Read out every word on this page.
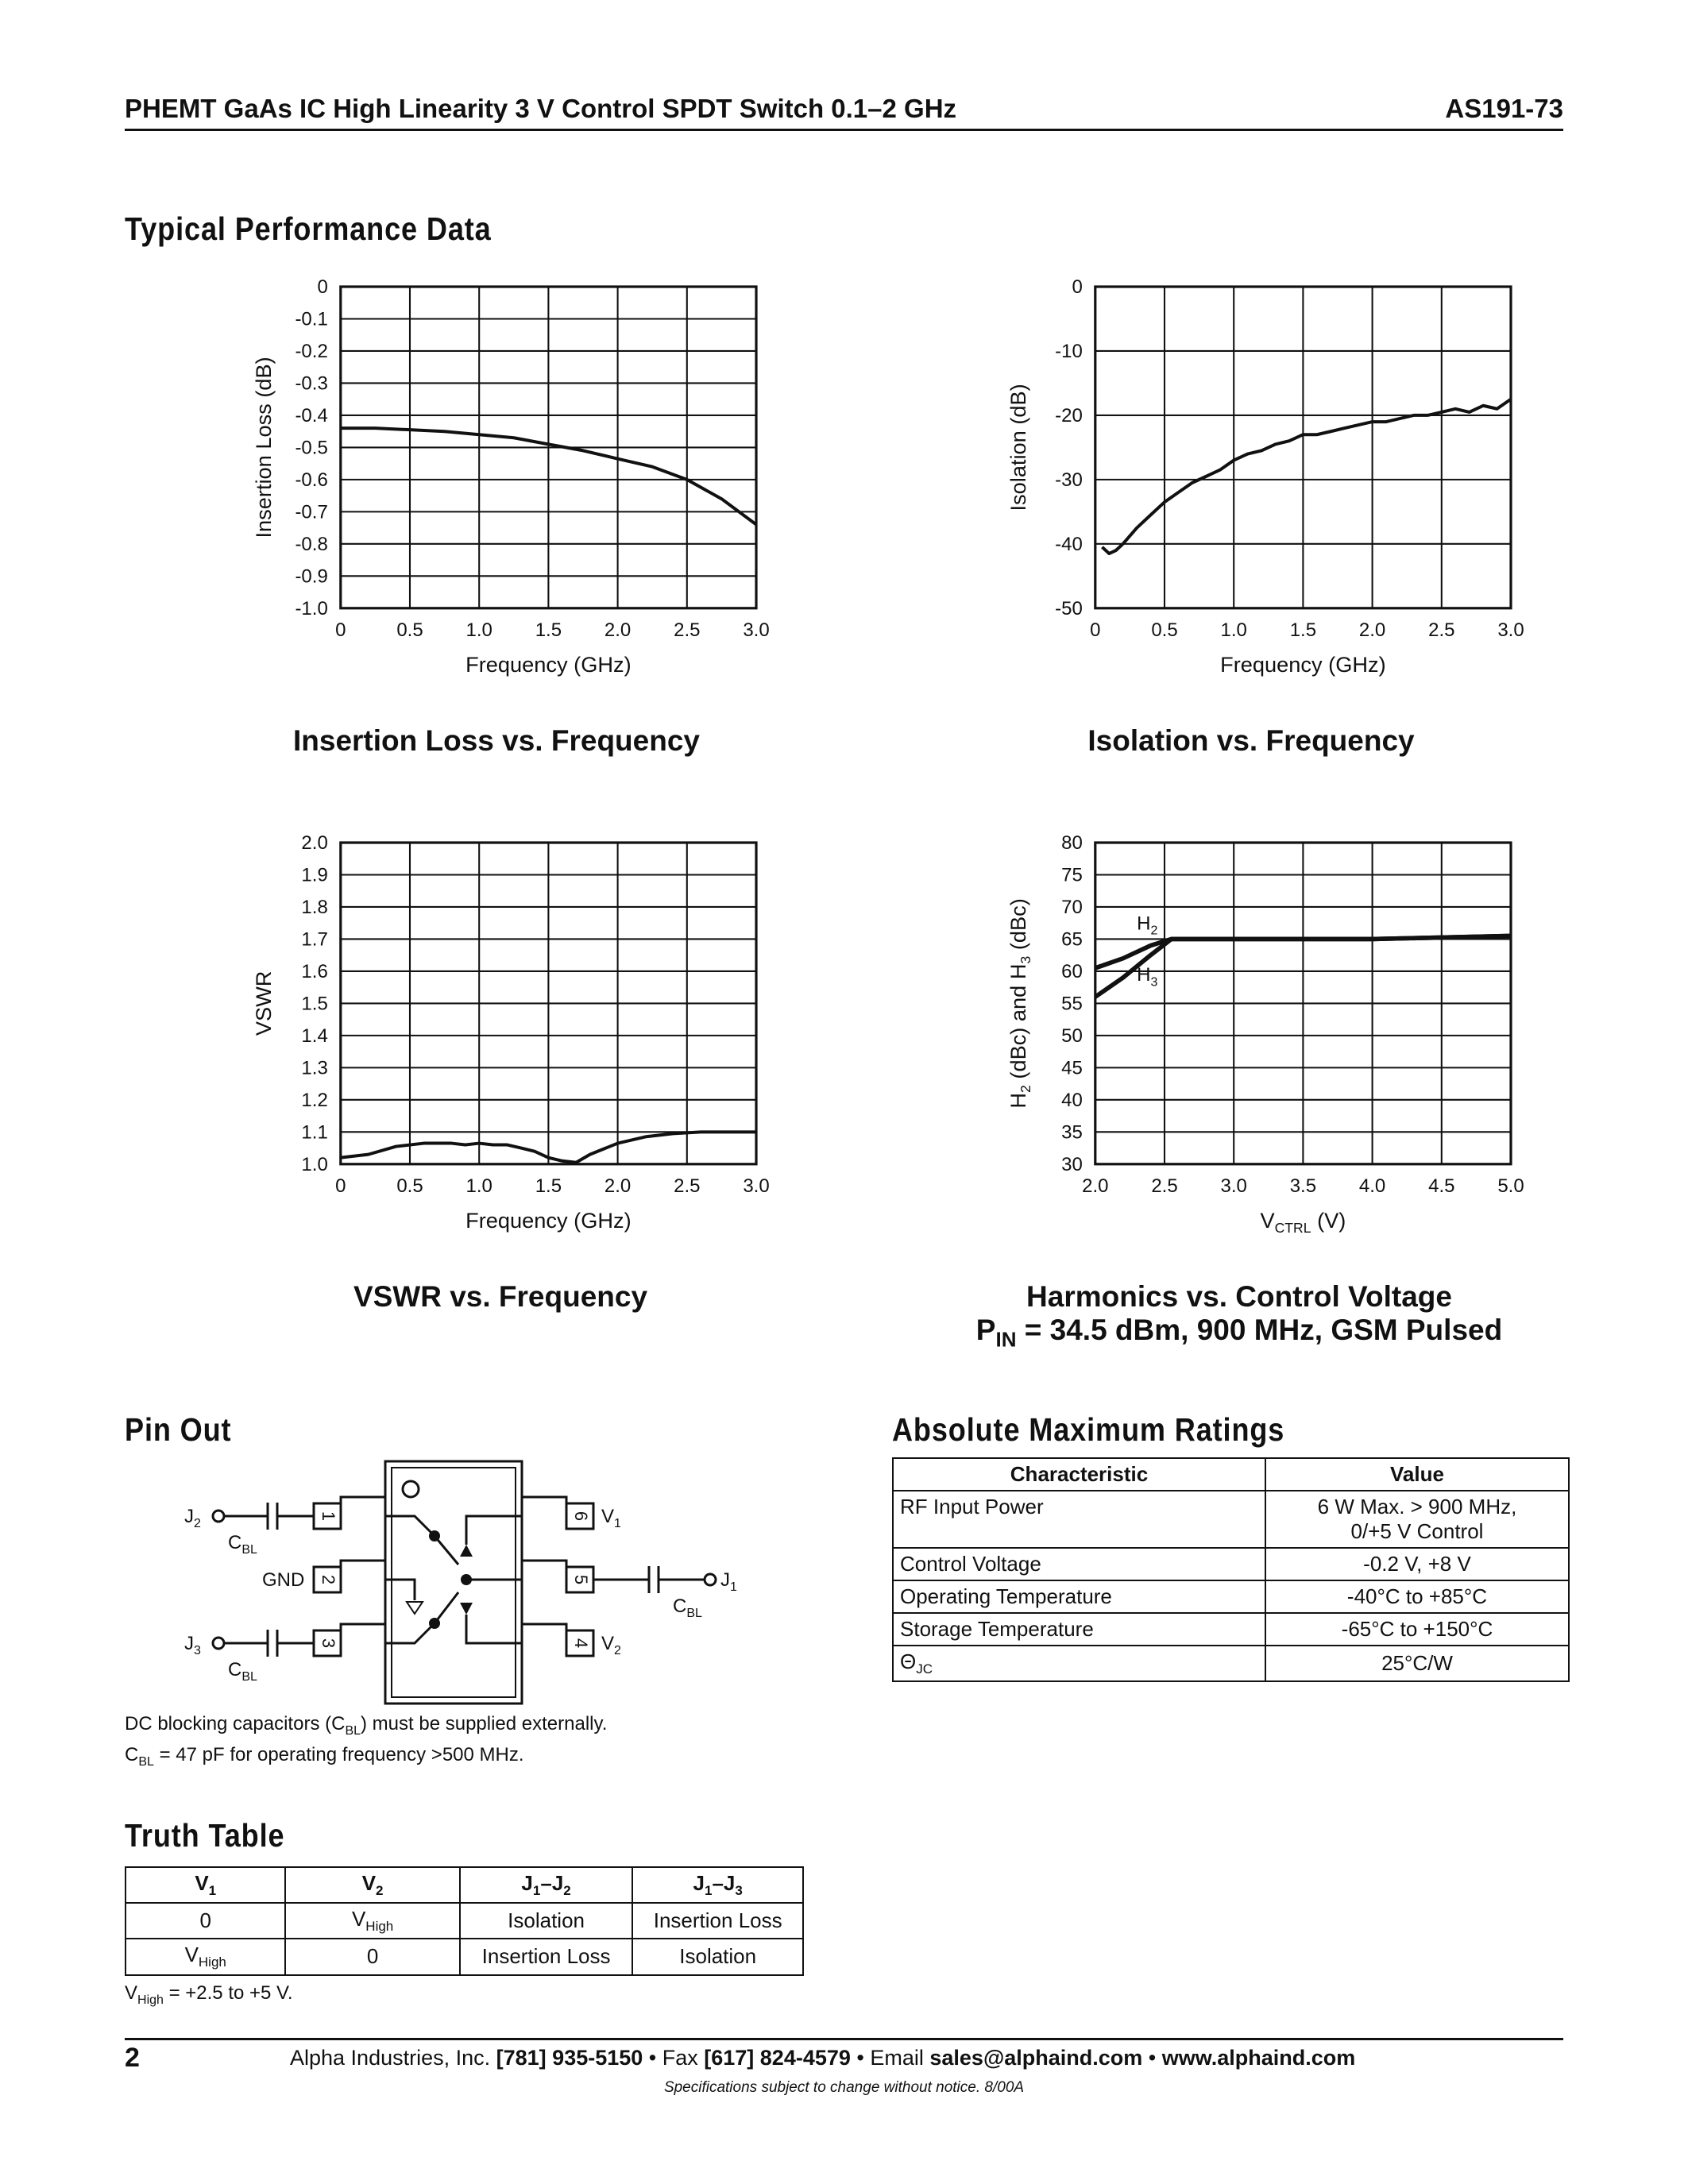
PHEMT GaAs IC High Linearity 3 V Control SPDT Switch 0.1–2 GHz	AS191-73
Typical Performance Data
0	0.5	1.0	1.5	2.0	2.5	3.0
0
-0.1
-0.2
-0.3
-0.4
-0.5
-0.6
-0.7
-0.8
-0.9
-1.0
Frequency (GHz)
Insertion Loss (dB)
Insertion Loss vs. Frequency
0	0.5	1.0	1.5	2.0	2.5	3.0
0
-10
-20
-30
-40
-50
Frequency (GHz)
Isolation (dB)
Isolation vs. Frequency
0	0.5	1.0	1.5	2.0	2.5	3.0
2.0
1.9
1.8
1.7
1.6
1.5
1.4
1.3
1.2
1.1
1.0
Frequency (GHz)
VSWR
VSWR vs. Frequency
2.0	2.5	3.0	3.5	4.0	4.5	5.0
80
75
70
65
60
55
50
45
40
35
30
$V_{CTRL}$ (V)
$H_2$ (dBc) and $H_3$ (dBc)	$H_2$
$H_3$
Harmonics vs. Control Voltage
$P_{IN} = 34.5$ dBm, 900 MHz, GSM Pulsed
Pin Out
1
2
3	4
5
6
$J_2$
$J_3$
$J_1$
$V_1$
$V_2$
GND
$C_{BL}$
$C_{BL}$
$C_{BL}$
DC blocking capacitors $(C_{BL})$ must be supplied externally.
$C_{BL} = 47$ pF for operating frequency >500 MHz.
Truth Table
$V_1$	$V_2$	$J_1-J_2$	$J_1-J_3$
0	$V_{High}$	Isolation	Insertion Loss
$V_{High}$	0	Insertion Loss	Isolation
$V_{High} = +2.5$ to +5 V.
Absolute Maximum Ratings
Characteristic	Value
RF Input Power	6 W Max. > 900 MHz,
0/+5 V Control

Control Voltage	-0.2 V, +8 V
Operating Temperature	-40°C to +85°C
Storage Temperature	-65°C to +150°C
$\Theta_{JC}$	25°C/W
2	Alpha Industries, Inc. [781] 935-5150 • Fax [617] 824-4579 • Email sales@alphaind.com • www.alphaind.com
Specifications subject to change without notice. 8/00A
